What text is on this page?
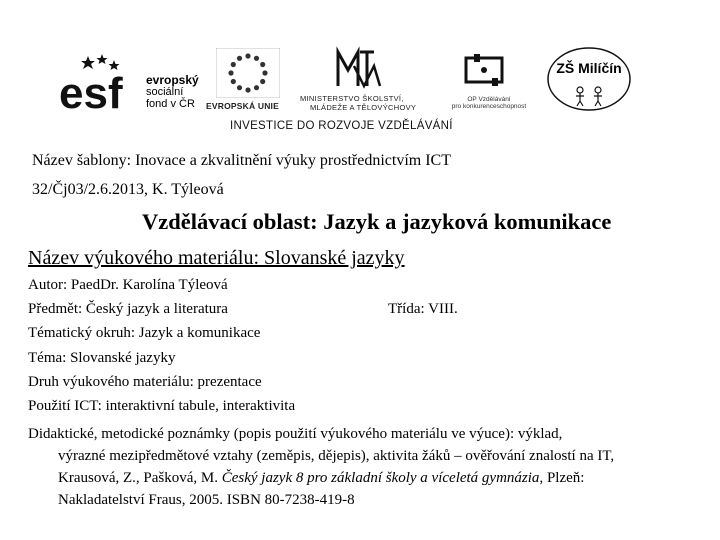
esf evropský
sociální
fond v ČR	EVROPSKÁ UNIE
MINISTERSTVO ŠKOLSTVÍ,
MLÁDEŽE A TĚLOVÝCHOVY
OP Vzdělávání
pro konkurenceschopnost
ZŠ Milíčín
INVESTICE DO ROZVOJE VZDĚLÁVÁNÍ
Název šablony: Inovace a zkvalitnění výuky prostřednictvím ICT
32/Čj03/2.6.2013, K. Týleová
Vzdělávací oblast: Jazyk a jazyková komunikace
Název výukového materiálu: Slovanské jazyky
Autor: PaedDr. Karolína Týleová
Předmět: Český jazyk a literatura	Třída: VIII.
Tématický okruh: Jazyk a komunikace
Téma: Slovanské jazyky
Druh výukového materiálu: prezentace
Použití ICT: interaktivní tabule, interaktivita
Didaktické, metodické poznámky (popis použití výukového materiálu ve výuce): výklad,
výrazné mezipředmětové vztahy (zeměpis, dějepis), aktivita žáků – ověřování znalostí na IT,
Krausová, Z., Pašková, M. Český jazyk 8 pro základní školy a víceletá gymnázia, Plzeň:
Nakladatelství Fraus, 2005. ISBN 80-7238-419-8
